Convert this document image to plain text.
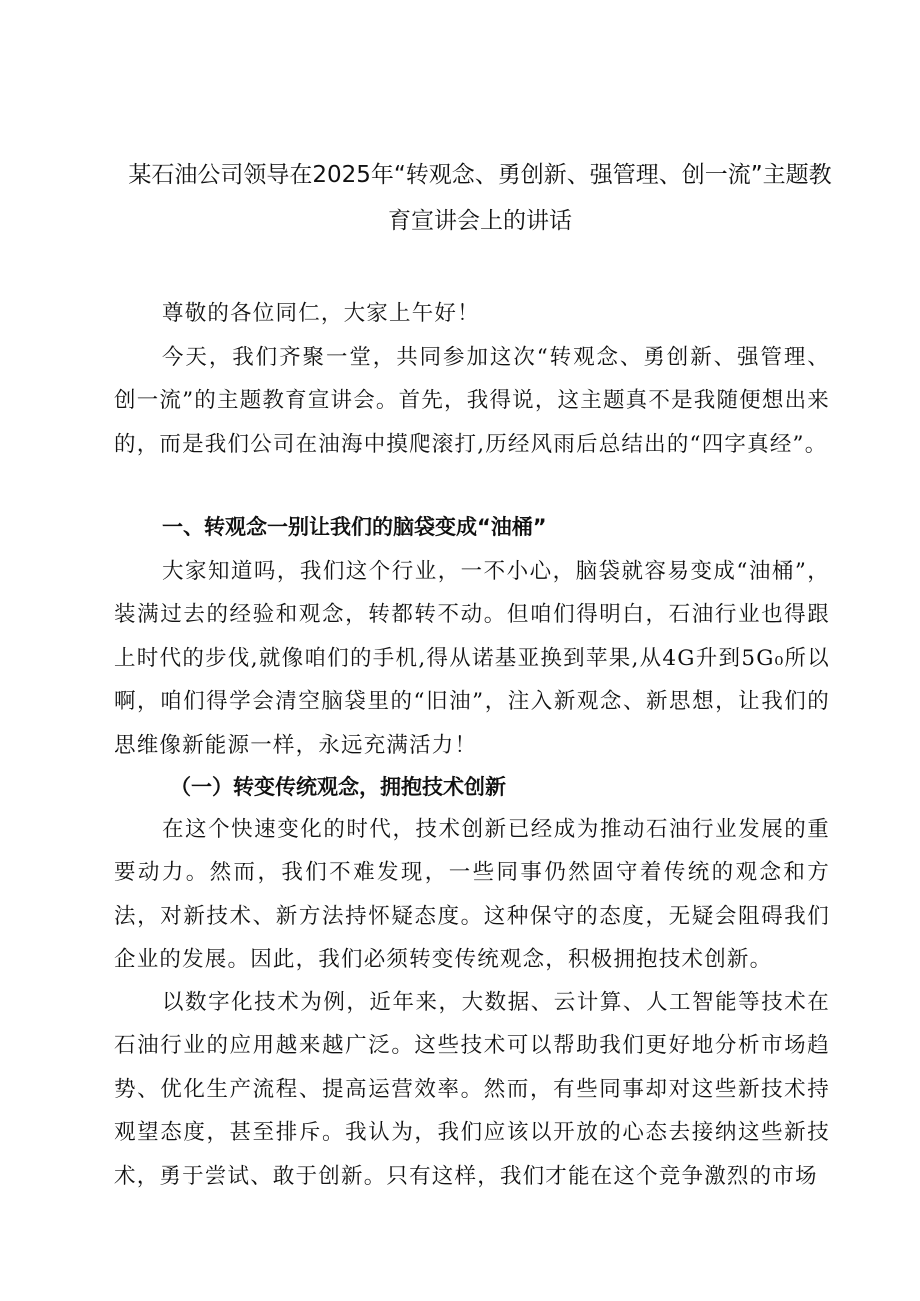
某石油公司领导在2025年“转观念、勇创新、强管理、创一流”主题教育宣讲会上的讲话

尊敬的各位同仁，大家上午好！

今天，我们齐聚一堂，共同参加这次“转观念、勇创新、强管理、创一流”的主题教育宣讲会。首先，我得说，这主题真不是我随便想出来的，而是我们公司在油海中摸爬滚打,历经风雨后总结出的“四字真经”。

一、转观念一别让我们的脑袋变成“油桶”

大家知道吗，我们这个行业，一不小心，脑袋就容易变成“油桶”，装满过去的经验和观念，转都转不动。但咱们得明白，石油行业也得跟上时代的步伐,就像咱们的手机,得从诺基亚换到苹果,从4G升到5G₀所以啊，咱们得学会清空脑袋里的“旧油”，注入新观念、新思想，让我们的思维像新能源一样，永远充满活力！

（一）转变传统观念，拥抱技术创新

在这个快速变化的时代，技术创新已经成为推动石油行业发展的重要动力。然而，我们不难发现，一些同事仍然固守着传统的观念和方法，对新技术、新方法持怀疑态度。这种保守的态度，无疑会阻碍我们企业的发展。因此，我们必须转变传统观念，积极拥抱技术创新。

以数字化技术为例，近年来，大数据、云计算、人工智能等技术在石油行业的应用越来越广泛。这些技术可以帮助我们更好地分析市场趋势、优化生产流程、提高运营效率。然而，有些同事却对这些新技术持观望态度，甚至排斥。我认为，我们应该以开放的心态去接纳这些新技术，勇于尝试、敢于创新。只有这样，我们才能在这个竞争激烈的市场
